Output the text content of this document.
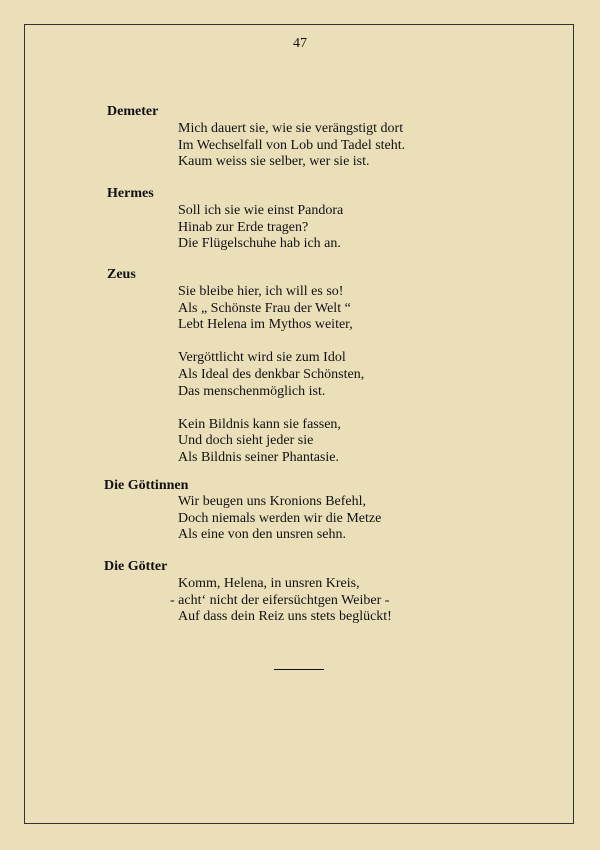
47
Demeter
Mich dauert sie, wie sie verängstigt dort
Im Wechselfall von Lob und Tadel steht.
Kaum weiss sie selber, wer sie ist.
Hermes
Soll ich sie wie einst Pandora
Hinab zur Erde tragen?
Die Flügelschuhe hab ich an.
Zeus
Sie bleibe hier, ich will es so!
Als „ Schönste Frau der Welt “
Lebt Helena im Mythos weiter,
Vergöttlicht wird sie zum Idol
Als Ideal des denkbar Schönsten,
Das menschenmöglich ist.
Kein Bildnis kann sie fassen,
Und doch sieht jeder sie
Als Bildnis seiner Phantasie.
Die Göttinnen
Wir beugen uns Kronions Befehl,
Doch niemals werden wir die Metze
Als eine von den unsren sehn.
Die Götter
Komm, Helena, in unsren Kreis,
- acht‘ nicht der eifersüchtgen Weiber -
Auf dass dein Reiz uns stets beglückt!
